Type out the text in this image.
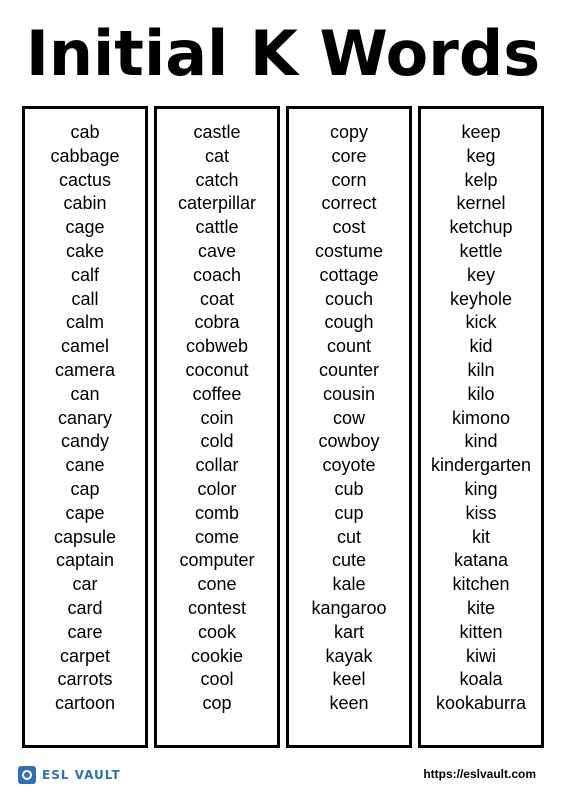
Initial K Words
cab
cabbage
cactus
cabin
cage
cake
calf
call
calm
camel
camera
can
canary
candy
cane
cap
cape
capsule
captain
car
card
care
carpet
carrots
cartoon
castle
cat
catch
caterpillar
cattle
cave
coach
coat
cobra
cobweb
coconut
coffee
coin
cold
collar
color
comb
come
computer
cone
contest
cook
cookie
cool
cop
copy
core
corn
correct
cost
costume
cottage
couch
cough
count
counter
cousin
cow
cowboy
coyote
cub
cup
cut
cute
kale
kangaroo
kart
kayak
keel
keen
keep
keg
kelp
kernel
ketchup
kettle
key
keyhole
kick
kid
kiln
kilo
kimono
kind
kindergarten
king
kiss
kit
katana
kitchen
kite
kitten
kiwi
koala
kookaburra
ESL VAULT	https://eslvault.com
